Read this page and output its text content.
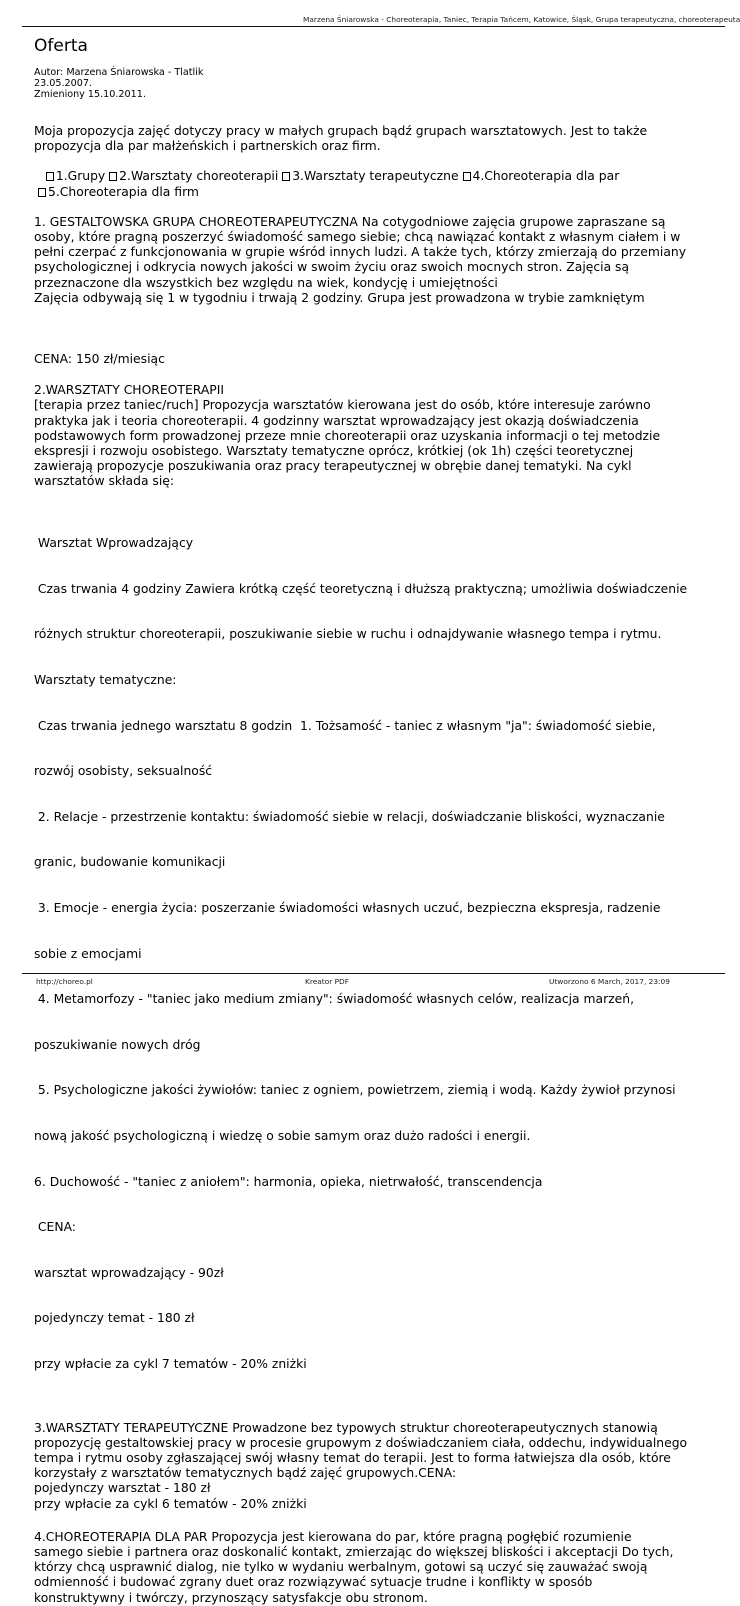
Marzena Śniarowska - Choreoterapia, Taniec, Terapia Tańcem, Katowice, Śląsk, Grupa terapeutyczna, choreoterapeuta
Oferta
Autor: Marzena Śniarowska - Tlatlik
23.05.2007.
Zmieniony 15.10.2011.

Moja propozycja zajęć dotyczy pracy w małych grupach bądź grupach warsztatowych. Jest to także propozycja dla par małżeńskich i partnerskich oraz firm.

1.Grupy 2.Warsztaty choreoterapii 3.Warsztaty terapeutyczne 4.Choreoterapia dla par
5.Choreoterapia dla firm

1. GESTALTOWSKA GRUPA CHOREOTERAPEUTYCZNA Na cotygodniowe zajęcia grupowe zapraszane są
osoby, które pragną poszerzyć świadomość samego siebie; chcą nawiązać kontakt z własnym ciałem i w
pełni czerpać z funkcjonowania w grupie wśród innych ludzi. A także tych, którzy zmierzają do przemiany
psychologicznej i odkrycia nowych jakości w swoim życiu oraz swoich mocnych stron. Zajęcia są
przeznaczone dla wszystkich bez względu na wiek, kondycję i umiejętności
Zajęcia odbywają się 1 w tygodniu i trwają 2 godziny. Grupa jest prowadzona w trybie zamkniętym

CENA: 150 zł/miesiąc

2.WARSZTATY CHOREOTERAPII
[terapia przez taniec/ruch] Propozycja warsztatów kierowana jest do osób, które interesuje zarówno
praktyka jak i teoria choreoterapii. 4 godzinny warsztat wprowadzający jest okazją doświadczenia
podstawowych form prowadzonej przeze mnie choreoterapii oraz uzyskania informacji o tej metodzie
ekspresji i rozwoju osobistego. Warsztaty tematyczne oprócz, krótkiej (ok 1h) części teoretycznej
zawierają propozycje poszukiwania oraz pracy terapeutycznej w obrębie danej tematyki. Na cykl
warsztatów składa się:

Warsztat Wprowadzający

Czas trwania 4 godziny Zawiera krótką część teoretyczną i dłuższą praktyczną; umożliwia doświadczenie

różnych struktur choreoterapii, poszukiwanie siebie w ruchu i odnajdywanie własnego tempa i rytmu.

Warsztaty tematyczne:

Czas trwania jednego warsztatu 8 godzin  1. Tożsamość - taniec z własnym "ja": świadomość siebie,

rozwój osobisty, seksualność

2. Relacje - przestrzenie kontaktu: świadomość siebie w relacji, doświadczanie bliskości, wyznaczanie

granic, budowanie komunikacji

3. Emocje - energia życia: poszerzanie świadomości własnych uczuć, bezpieczna ekspresja, radzenie

sobie z emocjami

4. Metamorfozy - "taniec jako medium zmiany": świadomość własnych celów, realizacja marzeń,

poszukiwanie nowych dróg

5. Psychologiczne jakości żywiołów: taniec z ogniem, powietrzem, ziemią i wodą. Każdy żywioł przynosi

nową jakość psychologiczną i wiedzę o sobie samym oraz dużo radości i energii.

6. Duchowość - "taniec z aniołem": harmonia, opieka, nietrwałość, transcendencja

CENA:

warsztat wprowadzający - 90zł

pojedynczy temat - 180 zł

przy wpłacie za cykl 7 tematów - 20% zniżki

3.WARSZTATY TERAPEUTYCZNE Prowadzone bez typowych struktur choreoterapeutycznych stanowią
propozycję gestaltowskiej pracy w procesie grupowym z doświadczaniem ciała, oddechu, indywidualnego
tempa i rytmu osoby zgłaszającej swój własny temat do terapii. Jest to forma łatwiejsza dla osób, które
korzystały z warsztatów tematycznych bądź zajęć grupowych.CENA:
pojedynczy warsztat - 180 zł
przy wpłacie za cykl 6 tematów - 20% zniżki
4.CHOREOTERAPIA DLA PAR Propozycja jest kierowana do par, które pragną pogłębić rozumienie
samego siebie i partnera oraz doskonalić kontakt, zmierzając do większej bliskości i akceptacji Do tych,
którzy chcą usprawnić dialog, nie tylko w wydaniu werbalnym, gotowi są uczyć się zauważać swoją
odmienność i budować zgrany duet oraz rozwiązywać sytuacje trudne i konflikty w sposób
konstruktywny i twórczy, przynoszący satysfakcje obu stronom.
http://choreo.pl	Kreator PDF	Utworzono 6 March, 2017, 23:09
